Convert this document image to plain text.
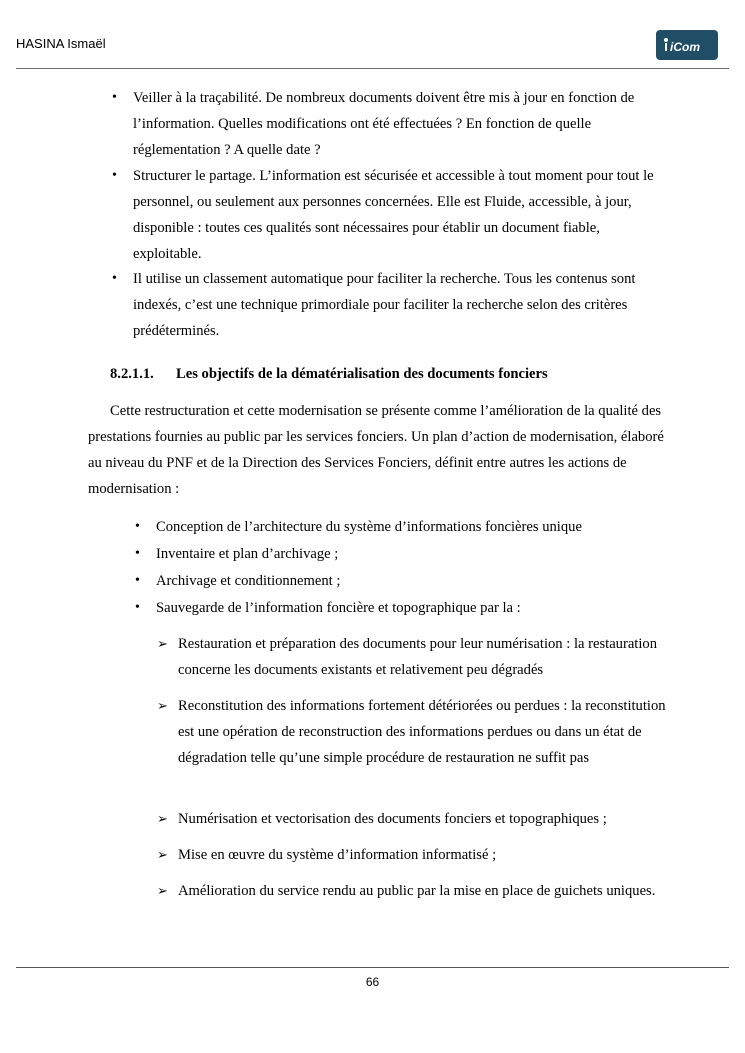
HASINA Ismaël	iCom
• Veiller à la traçabilité. De nombreux documents doivent être mis à jour en fonction de l’information. Quelles modifications ont été effectuées ? En fonction de quelle réglementation ? A quelle date ?
• Structurer le partage. L’information est sécurisée et accessible à tout moment pour tout le personnel, ou seulement aux personnes concernées. Elle est Fluide, accessible, à jour, disponible : toutes ces qualités sont nécessaires pour établir un document fiable, exploitable.
• Il utilise un classement automatique pour faciliter la recherche. Tous les contenus sont indexés, c’est une technique primordiale pour faciliter la recherche selon des critères prédéterminés.
8.2.1.1. Les objectifs de la dématérialisation des documents fonciers
Cette restructuration et cette modernisation se présente comme l’amélioration de la qualité des prestations fournies au public par les services fonciers. Un plan d’action de modernisation, élaboré au niveau du PNF et de la Direction des Services Fonciers, définit entre autres les actions de modernisation :
• Conception de l’architecture du système d’informations foncières unique
• Inventaire et plan d’archivage ;
• Archivage et conditionnement ;
• Sauvegarde de l’information foncière et topographique par la :
➢ Restauration et préparation des documents pour leur numérisation : la restauration concerne les documents existants et relativement peu dégradés
➢ Reconstitution des informations fortement détériorées ou perdues : la reconstitution est une opération de reconstruction des informations perdues ou dans un état de dégradation telle qu’une simple procédure de restauration ne suffit pas
➢ Numérisation et vectorisation des documents fonciers et topographiques ;
➢ Mise en œuvre du système d’information informatisé ;
➢ Amélioration du service rendu au public par la mise en place de guichets uniques.
66
